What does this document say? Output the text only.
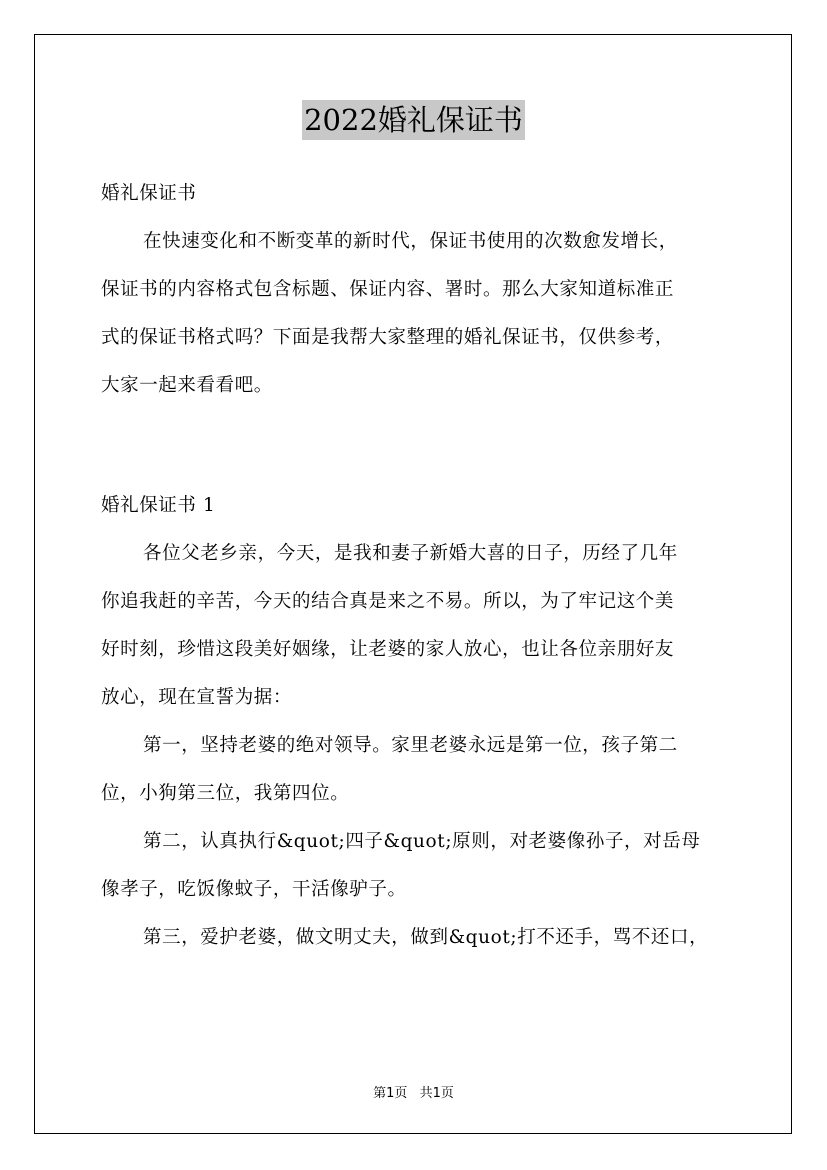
2022婚礼保证书
婚礼保证书
在快速变化和不断变革的新时代，保证书使用的次数愈发增长，
保证书的内容格式包含标题、保证内容、署时。那么大家知道标准正
式的保证书格式吗？下面是我帮大家整理的婚礼保证书，仅供参考，
大家一起来看看吧。
婚礼保证书 1
各位父老乡亲，今天，是我和妻子新婚大喜的日子，历经了几年
你追我赶的辛苦，今天的结合真是来之不易。所以，为了牢记这个美
好时刻，珍惜这段美好姻缘，让老婆的家人放心，也让各位亲朋好友
放心，现在宣誓为据：
第一，坚持老婆的绝对领导。家里老婆永远是第一位，孩子第二
位，小狗第三位，我第四位。
第二，认真执行&quot;四子&quot;原则，对老婆像孙子，对岳母
像孝子，吃饭像蚊子，干活像驴子。
第三，爱护老婆，做文明丈夫，做到&quot;打不还手，骂不还口，
第1页 共1页
